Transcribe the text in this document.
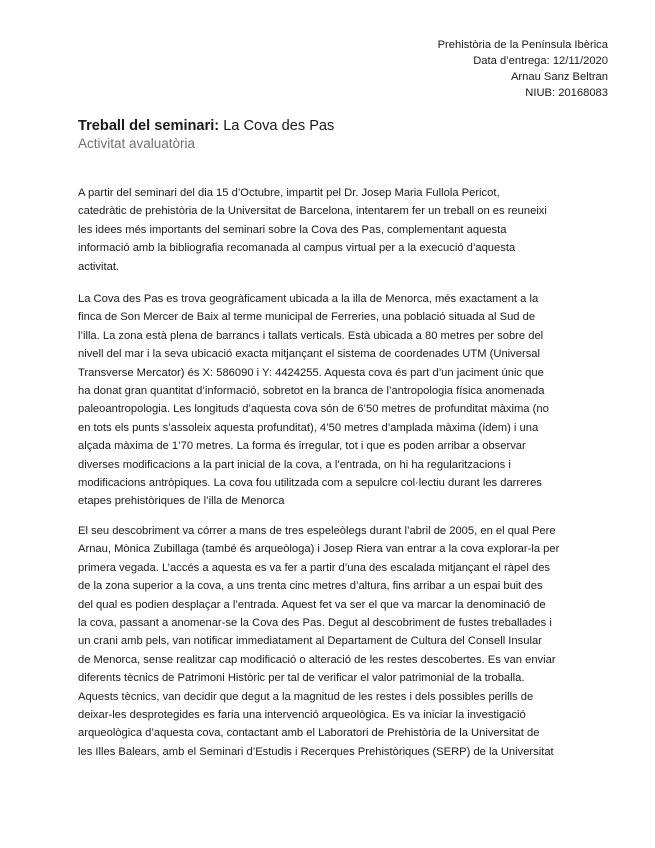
Prehistòria de la Península Ibèrica
Data d’entrega: 12/11/2020
Arnau Sanz Beltran
NIUB: 20168083
Treball del seminari: La Cova des Pas
Activitat avaluatòria

A partir del seminari del dia 15 d’Octubre, impartit pel Dr. Josep Maria Fullola Pericot,
catedràtic de prehistòria de la Universitat de Barcelona, intentarem fer un treball on es reuneixi
les idees més importants del seminari sobre la Cova des Pas, complementant aquesta
informació amb la bibliografia recomanada al campus virtual per a la execució d’aquesta
activitat.

La Cova des Pas es trova geogràficament ubicada a la illa de Menorca, més exactament a la
finca de Son Mercer de Baix al terme municipal de Ferreries, una població situada al Sud de
l’illa. La zona està plena de barrancs i tallats verticals. Està ubicada a 80 metres per sobre del
nivell del mar i la seva ubicació exacta mitjançant el sistema de coordenades UTM (Universal
Transverse Mercator) és X: 586090 i Y: 4424255. Aquesta cova és part d’un jaciment únic que
ha donat gran quantitat d’informació, sobretot en la branca de l’antropologia física anomenada
paleoantropologia. Les longituds d’aquesta cova són de 6’50 metres de profunditat màxima (no
en tots els punts s’assoleix aquesta profunditat), 4’50 metres d’amplada màxima (ídem) i una
alçada màxima de 1’70 metres. La forma és irregular, tot i que es poden arribar a observar
diverses modificacions a la part inicial de la cova, a l’entrada, on hi ha regularitzacions i
modificacions antròpiques. La cova fou utilitzada com a sepulcre col·lectiu durant les darreres
etapes prehistòriques de l’illa de Menorca

El seu descobriment va córrer a mans de tres espeleòlegs durant l’abril de 2005, en el qual Pere
Arnau, Mònica Zubillaga (també és arqueòloga) i Josep Riera van entrar a la cova explorar-la per
primera vegada. L’accés a aquesta es va fer a partir d’una des escalada mitjançant el ràpel des
de la zona superior a la cova, a uns trenta cinc metres d’altura, fins arribar a un espai buit des
del qual es podien desplaçar a l’entrada. Aquest fet va ser el que va marcar la denominació de
la cova, passant a anomenar-se la Cova des Pas. Degut al descobriment de fustes treballades i
un crani amb pels, van notificar immediatament al Departament de Cultura del Consell Insular
de Menorca, sense realitzar cap modificació o alteració de les restes descobertes. Es van enviar
diferents tècnics de Patrimoni Històric per tal de verificar el valor patrimonial de la troballa.
Aquests tècnics, van decidir que degut a la magnitud de les restes i dels possibles perills de
deixar-les desprotegides es faria una intervenció arqueològica. Es va iniciar la investigació
arqueològica d’aquesta cova, contactant amb el Laboratori de Prehistòria de la Universitat de
les Illes Balears, amb el Seminari d’Estudis i Recerques Prehistòriques (SERP) de la Universitat
